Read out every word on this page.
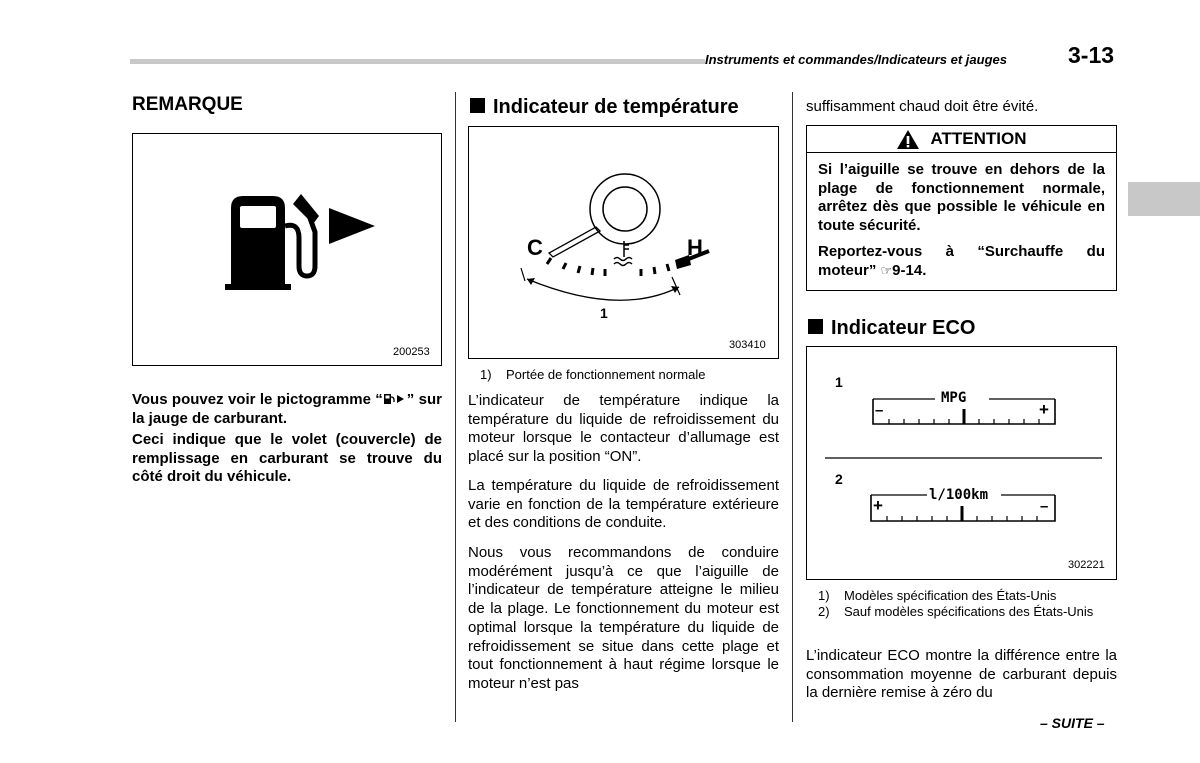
Instruments et commandes/Indicateurs et jauges	3-13
REMARQUE
200253
Vous pouvez voir le pictogramme “ ” sur la jauge de carburant.
Ceci indique que le volet (couvercle) de remplissage en carburant se trouve du côté droit du véhicule.
Indicateur de température
C	H
1
303410
1)	Portée de fonctionnement normale
L’indicateur de température indique la température du liquide de refroidissement du moteur lorsque le contacteur d’allumage est placé sur la position “ON”.
La température du liquide de refroidissement varie en fonction de la température extérieure et des conditions de conduite.
Nous vous recommandons de conduire modérément jusqu’à ce que l’aiguille de l’indicateur de température atteigne le milieu de la plage. Le fonctionnement du moteur est optimal lorsque la température du liquide de refroidissement se situe dans cette plage et tout fonctionnement à haut régime lorsque le moteur n’est pas
suffisamment chaud doit être évité.
ATTENTION

Si l’aiguille se trouve en dehors de la plage de fonctionnement normale, arrêtez dès que possible le véhicule en toute sécurité.

Reportez-vous à “Surchauffe du moteur” ☞9-14.

Indicateur ECO
1
MPG
–	+
2
l/100km
+	–
302221
1)	Modèles spécification des États-Unis
2)	Sauf modèles spécifications des États-Unis
L’indicateur ECO montre la différence entre la consommation moyenne de carburant depuis la dernière remise à zéro du
– SUITE –
